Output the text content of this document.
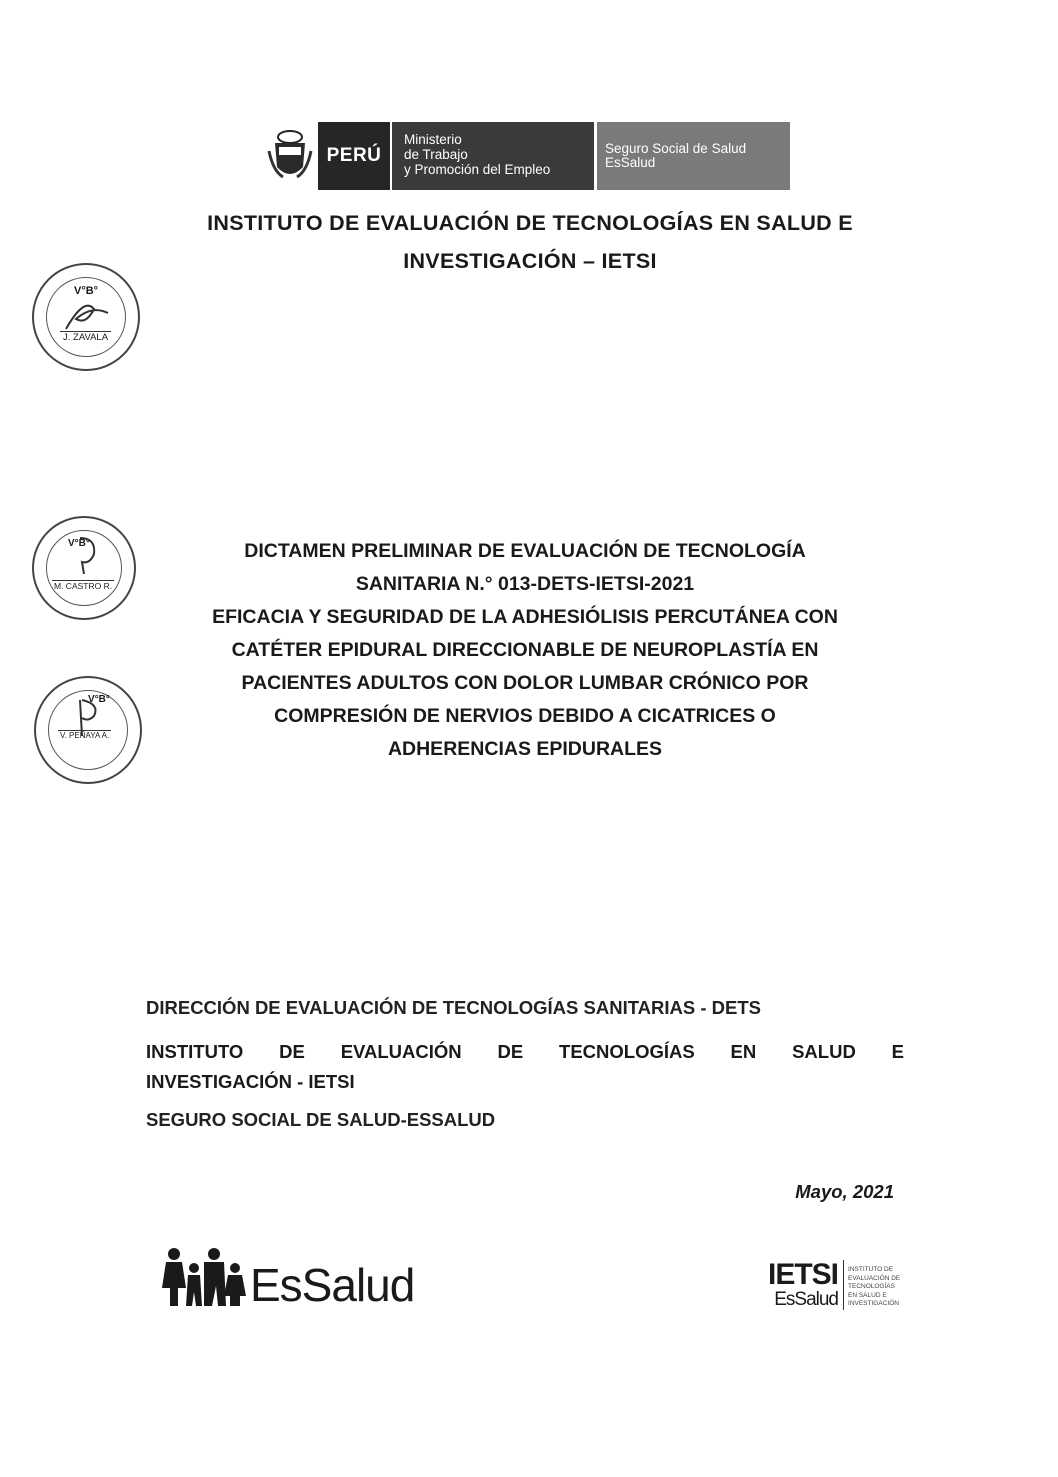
PERÚ
Ministerio
de Trabajo
y Promoción del Empleo
Seguro Social de Salud
EsSalud
INSTITUTO DE EVALUACIÓN DE TECNOLOGÍAS EN SALUD E
INVESTIGACIÓN – IETSI
V°B°
J. ZAVALA
V°B°
M. CASTRO R.
V°B°
V. PEÑAYA A.
DICTAMEN PRELIMINAR DE EVALUACIÓN DE TECNOLOGÍA
SANITARIA N.° 013-DETS-IETSI-2021
EFICACIA Y SEGURIDAD DE LA ADHESIÓLISIS PERCUTÁNEA CON
CATÉTER EPIDURAL DIRECCIONABLE DE NEUROPLASTÍA EN
PACIENTES ADULTOS CON DOLOR LUMBAR CRÓNICO POR
COMPRESIÓN DE NERVIOS DEBIDO A CICATRICES O
ADHERENCIAS EPIDURALES
DIRECCIÓN DE EVALUACIÓN DE TECNOLOGÍAS SANITARIAS - DETS
INSTITUTO DE EVALUACIÓN DE TECNOLOGÍAS EN SALUD E
INVESTIGACIÓN - IETSI
SEGURO SOCIAL DE SALUD-ESSALUD
Mayo, 2021
EsSalud	IETSI
EsSalud
INSTITUTO DE
EVALUACIÓN DE
TECNOLOGÍAS
EN SALUD E
INVESTIGACIÓN
